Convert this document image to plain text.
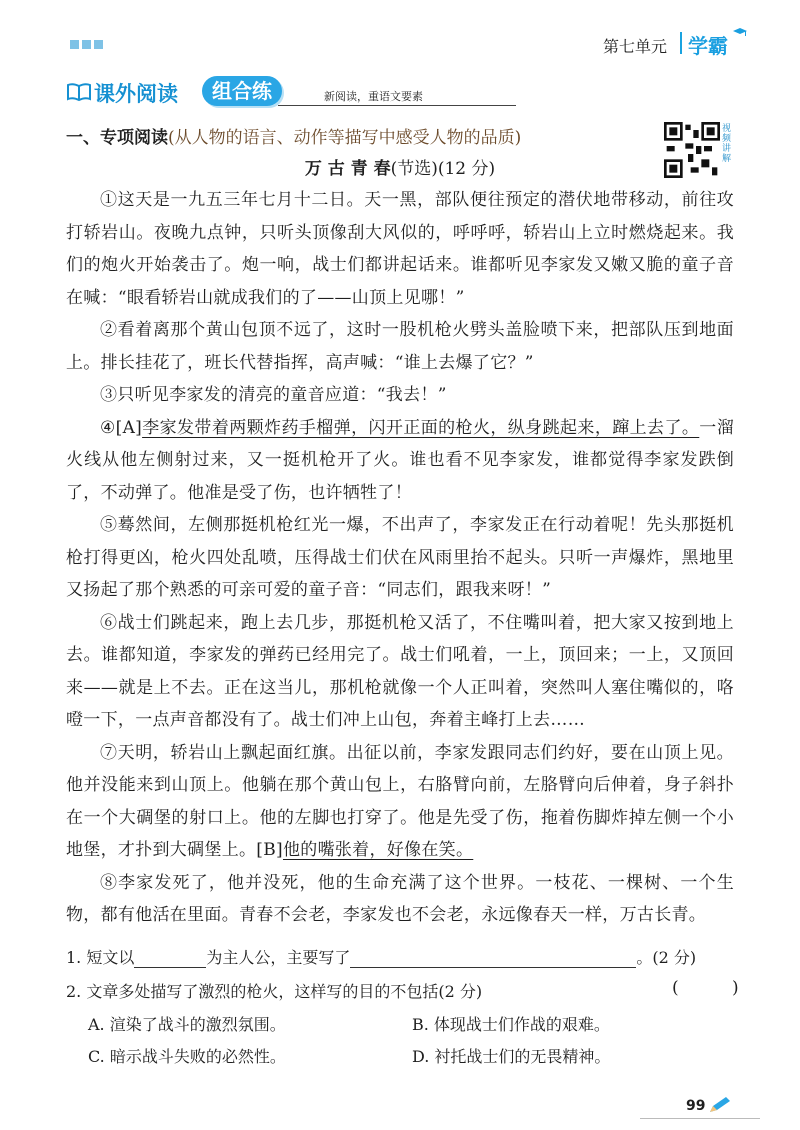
第七单元 学霸
课外阅读	组合练	新阅读，重语文要素
一、专项阅读(从人物的语言、动作等描写中感受人物的品质)	视频讲解
万 古 青 春(节选)(12 分)

①这天是一九五三年七月十二日。天一黑，部队便往预定的潜伏地带移动，前往攻打轿岩山。夜晚九点钟，只听头顶像刮大风似的，呼呼呼，轿岩山上立时燃烧起来。我们的炮火开始袭击了。炮一响，战士们都讲起话来。谁都听见李家发又嫩又脆的童子音在喊：“眼看轿岩山就成我们的了——山顶上见哪！”

②看着离那个黄山包顶不远了，这时一股机枪火劈头盖脸喷下来，把部队压到地面上。排长挂花了，班长代替指挥，高声喊：“谁上去爆了它？”

③只听见李家发的清亮的童音应道：“我去！”

④[A]李家发带着两颗炸药手榴弹，闪开正面的枪火，纵身跳起来，蹿上去了。一溜火线从他左侧射过来，又一挺机枪开了火。谁也看不见李家发，谁都觉得李家发跌倒了，不动弹了。他准是受了伤，也许牺牲了！

⑤蓦然间，左侧那挺机枪红光一爆，不出声了，李家发正在行动着呢！先头那挺机枪打得更凶，枪火四处乱喷，压得战士们伏在风雨里抬不起头。只听一声爆炸，黑地里又扬起了那个熟悉的可亲可爱的童子音：“同志们，跟我来呀！”

⑥战士们跳起来，跑上去几步，那挺机枪又活了，不住嘴叫着，把大家又按到地上去。谁都知道，李家发的弹药已经用完了。战士们吼着，一上，顶回来；一上，又顶回来——就是上不去。正在这当儿，那机枪就像一个人正叫着，突然叫人塞住嘴似的，咯噔一下，一点声音都没有了。战士们冲上山包，奔着主峰打上去……

⑦天明，轿岩山上飘起面红旗。出征以前，李家发跟同志们约好，要在山顶上见。他并没能来到山顶上。他躺在那个黄山包上，右胳臂向前，左胳臂向后伸着，身子斜扑在一个大碉堡的射口上。他的左脚也打穿了。他是先受了伤，拖着伤脚炸掉左侧一个小地堡，才扑到大碉堡上。[B]他的嘴张着，好像在笑。

⑧李家发死了，他并没死，他的生命充满了这个世界。一枝花、一棵树、一个生物，都有他活在里面。青春不会老，李家发也不会老，永远像春天一样，万古长青。

1. 短文以	为主人公，主要写了	。(2 分)
2. 文章多处描写了激烈的枪火，这样写的目的不包括(2 分)	( )
A. 渲染了战斗的激烈氛围。	B. 体现战士们作战的艰难。
C. 暗示战斗失败的必然性。	D. 衬托战士们的无畏精神。
99
